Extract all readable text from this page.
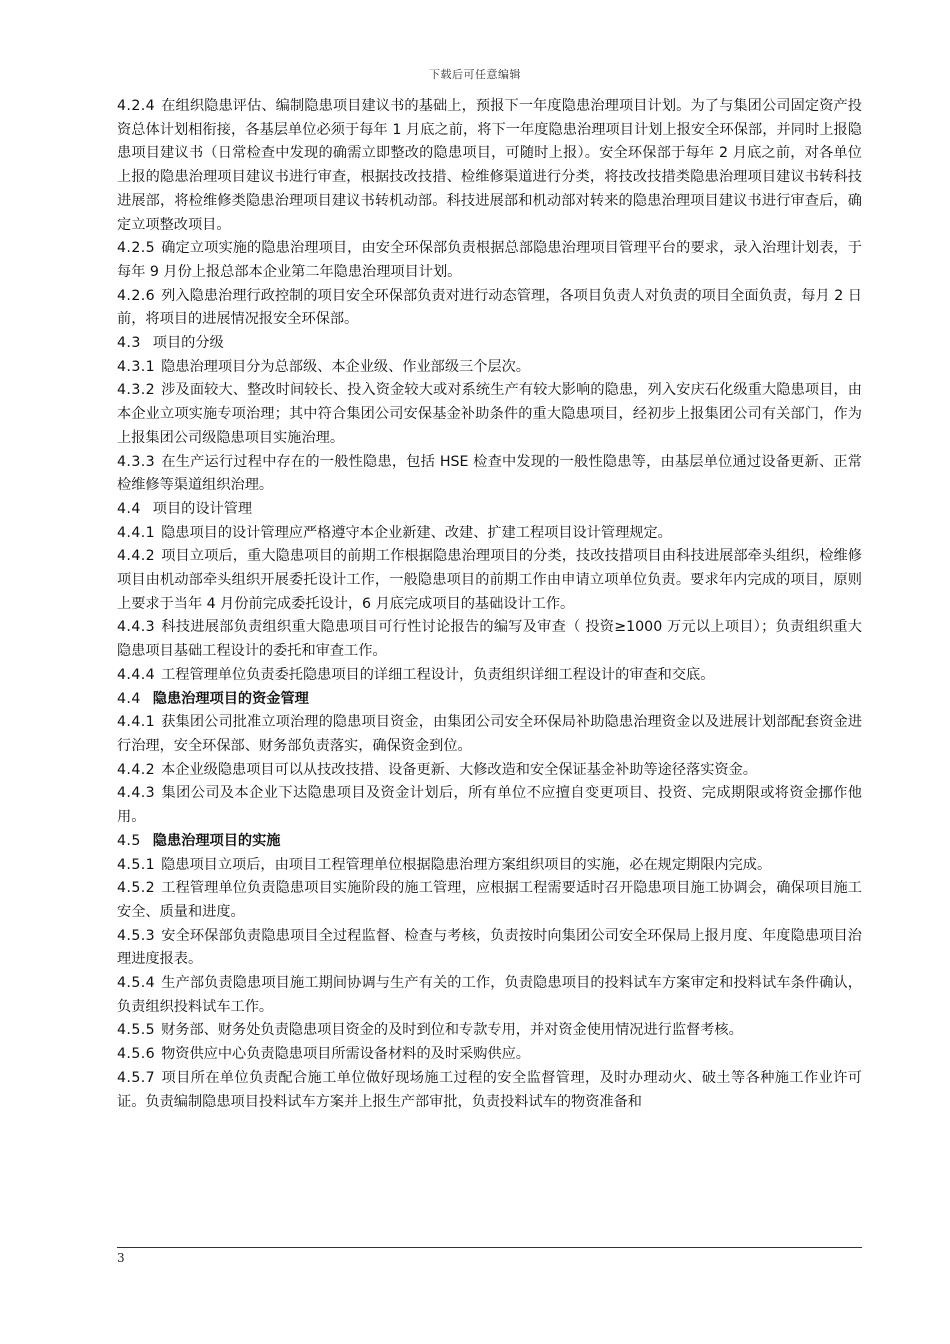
下载后可任意编辑

4.2.4 在组织隐患评估、编制隐患项目建议书的基础上，预报下一年度隐患治理项目计划。为了与集团公司固定资产投资总体计划相衔接，各基层单位必须于每年 1 月底之前，将下一年度隐患治理项目计划上报安全环保部，并同时上报隐患项目建议书（日常检查中发现的确需立即整改的隐患项目，可随时上报）。安全环保部于每年 2 月底之前，对各单位上报的隐患治理项目建议书进行审查，根据技改技措、检维修渠道进行分类，将技改技措类隐患治理项目建议书转科技进展部，将检维修类隐患治理项目建议书转机动部。科技进展部和机动部对转来的隐患治理项目建议书进行审查后，确定立项整改项目。

4.2.5 确定立项实施的隐患治理项目，由安全环保部负责根据总部隐患治理项目管理平台的要求，录入治理计划表，于每年 9 月份上报总部本企业第二年隐患治理项目计划。

4.2.6 列入隐患治理行政控制的项目安全环保部负责对进行动态管理，各项目负责人对负责的项目全面负责，每月 2 日前，将项目的进展情况报安全环保部。

4.3 项目的分级

4.3.1 隐患治理项目分为总部级、本企业级、作业部级三个层次。

4.3.2 涉及面较大、整改时间较长、投入资金较大或对系统生产有较大影响的隐患，列入安庆石化级重大隐患项目，由本企业立项实施专项治理；其中符合集团公司安保基金补助条件的重大隐患项目，经初步上报集团公司有关部门，作为上报集团公司级隐患项目实施治理。

4.3.3 在生产运行过程中存在的一般性隐患，包括 HSE 检查中发现的一般性隐患等，由基层单位通过设备更新、正常检维修等渠道组织治理。

4.4 项目的设计管理

4.4.1 隐患项目的设计管理应严格遵守本企业新建、改建、扩建工程项目设计管理规定。

4.4.2 项目立项后，重大隐患项目的前期工作根据隐患治理项目的分类，技改技措项目由科技进展部牵头组织，检维修项目由机动部牵头组织开展委托设计工作，一般隐患项目的前期工作由申请立项单位负责。要求年内完成的项目，原则上要求于当年 4 月份前完成委托设计，6 月底完成项目的基础设计工作。

4.4.3 科技进展部负责组织重大隐患项目可行性讨论报告的编写及审查（ 投资≥1000 万元以上项目）；负责组织重大隐患项目基础工程设计的委托和审查工作。

4.4.4 工程管理单位负责委托隐患项目的详细工程设计，负责组织详细工程设计的审查和交底。

4.4 隐患治理项目的资金管理

4.4.1 获集团公司批准立项治理的隐患项目资金，由集团公司安全环保局补助隐患治理资金以及进展计划部配套资金进行治理，安全环保部、财务部负责落实，确保资金到位。

4.4.2 本企业级隐患项目可以从技改技措、设备更新、大修改造和安全保证基金补助等途径落实资金。

4.4.3 集团公司及本企业下达隐患项目及资金计划后，所有单位不应擅自变更项目、投资、完成期限或将资金挪作他用。

4.5 隐患治理项目的实施

4.5.1 隐患项目立项后，由项目工程管理单位根据隐患治理方案组织项目的实施，必在规定期限内完成。

4.5.2 工程管理单位负责隐患项目实施阶段的施工管理，应根据工程需要适时召开隐患项目施工协调会，确保项目施工安全、质量和进度。

4.5.3 安全环保部负责隐患项目全过程监督、检查与考核，负责按时向集团公司安全环保局上报月度、年度隐患项目治理进度报表。

4.5.4 生产部负责隐患项目施工期间协调与生产有关的工作，负责隐患项目的投料试车方案审定和投料试车条件确认，负责组织投料试车工作。

4.5.5 财务部、财务处负责隐患项目资金的及时到位和专款专用，并对资金使用情况进行监督考核。

4.5.6 物资供应中心负责隐患项目所需设备材料的及时采购供应。

4.5.7 项目所在单位负责配合施工单位做好现场施工过程的安全监督管理，及时办理动火、破土等各种施工作业许可证。负责编制隐患项目投料试车方案并上报生产部审批，负责投料试车的物资准备和

3
